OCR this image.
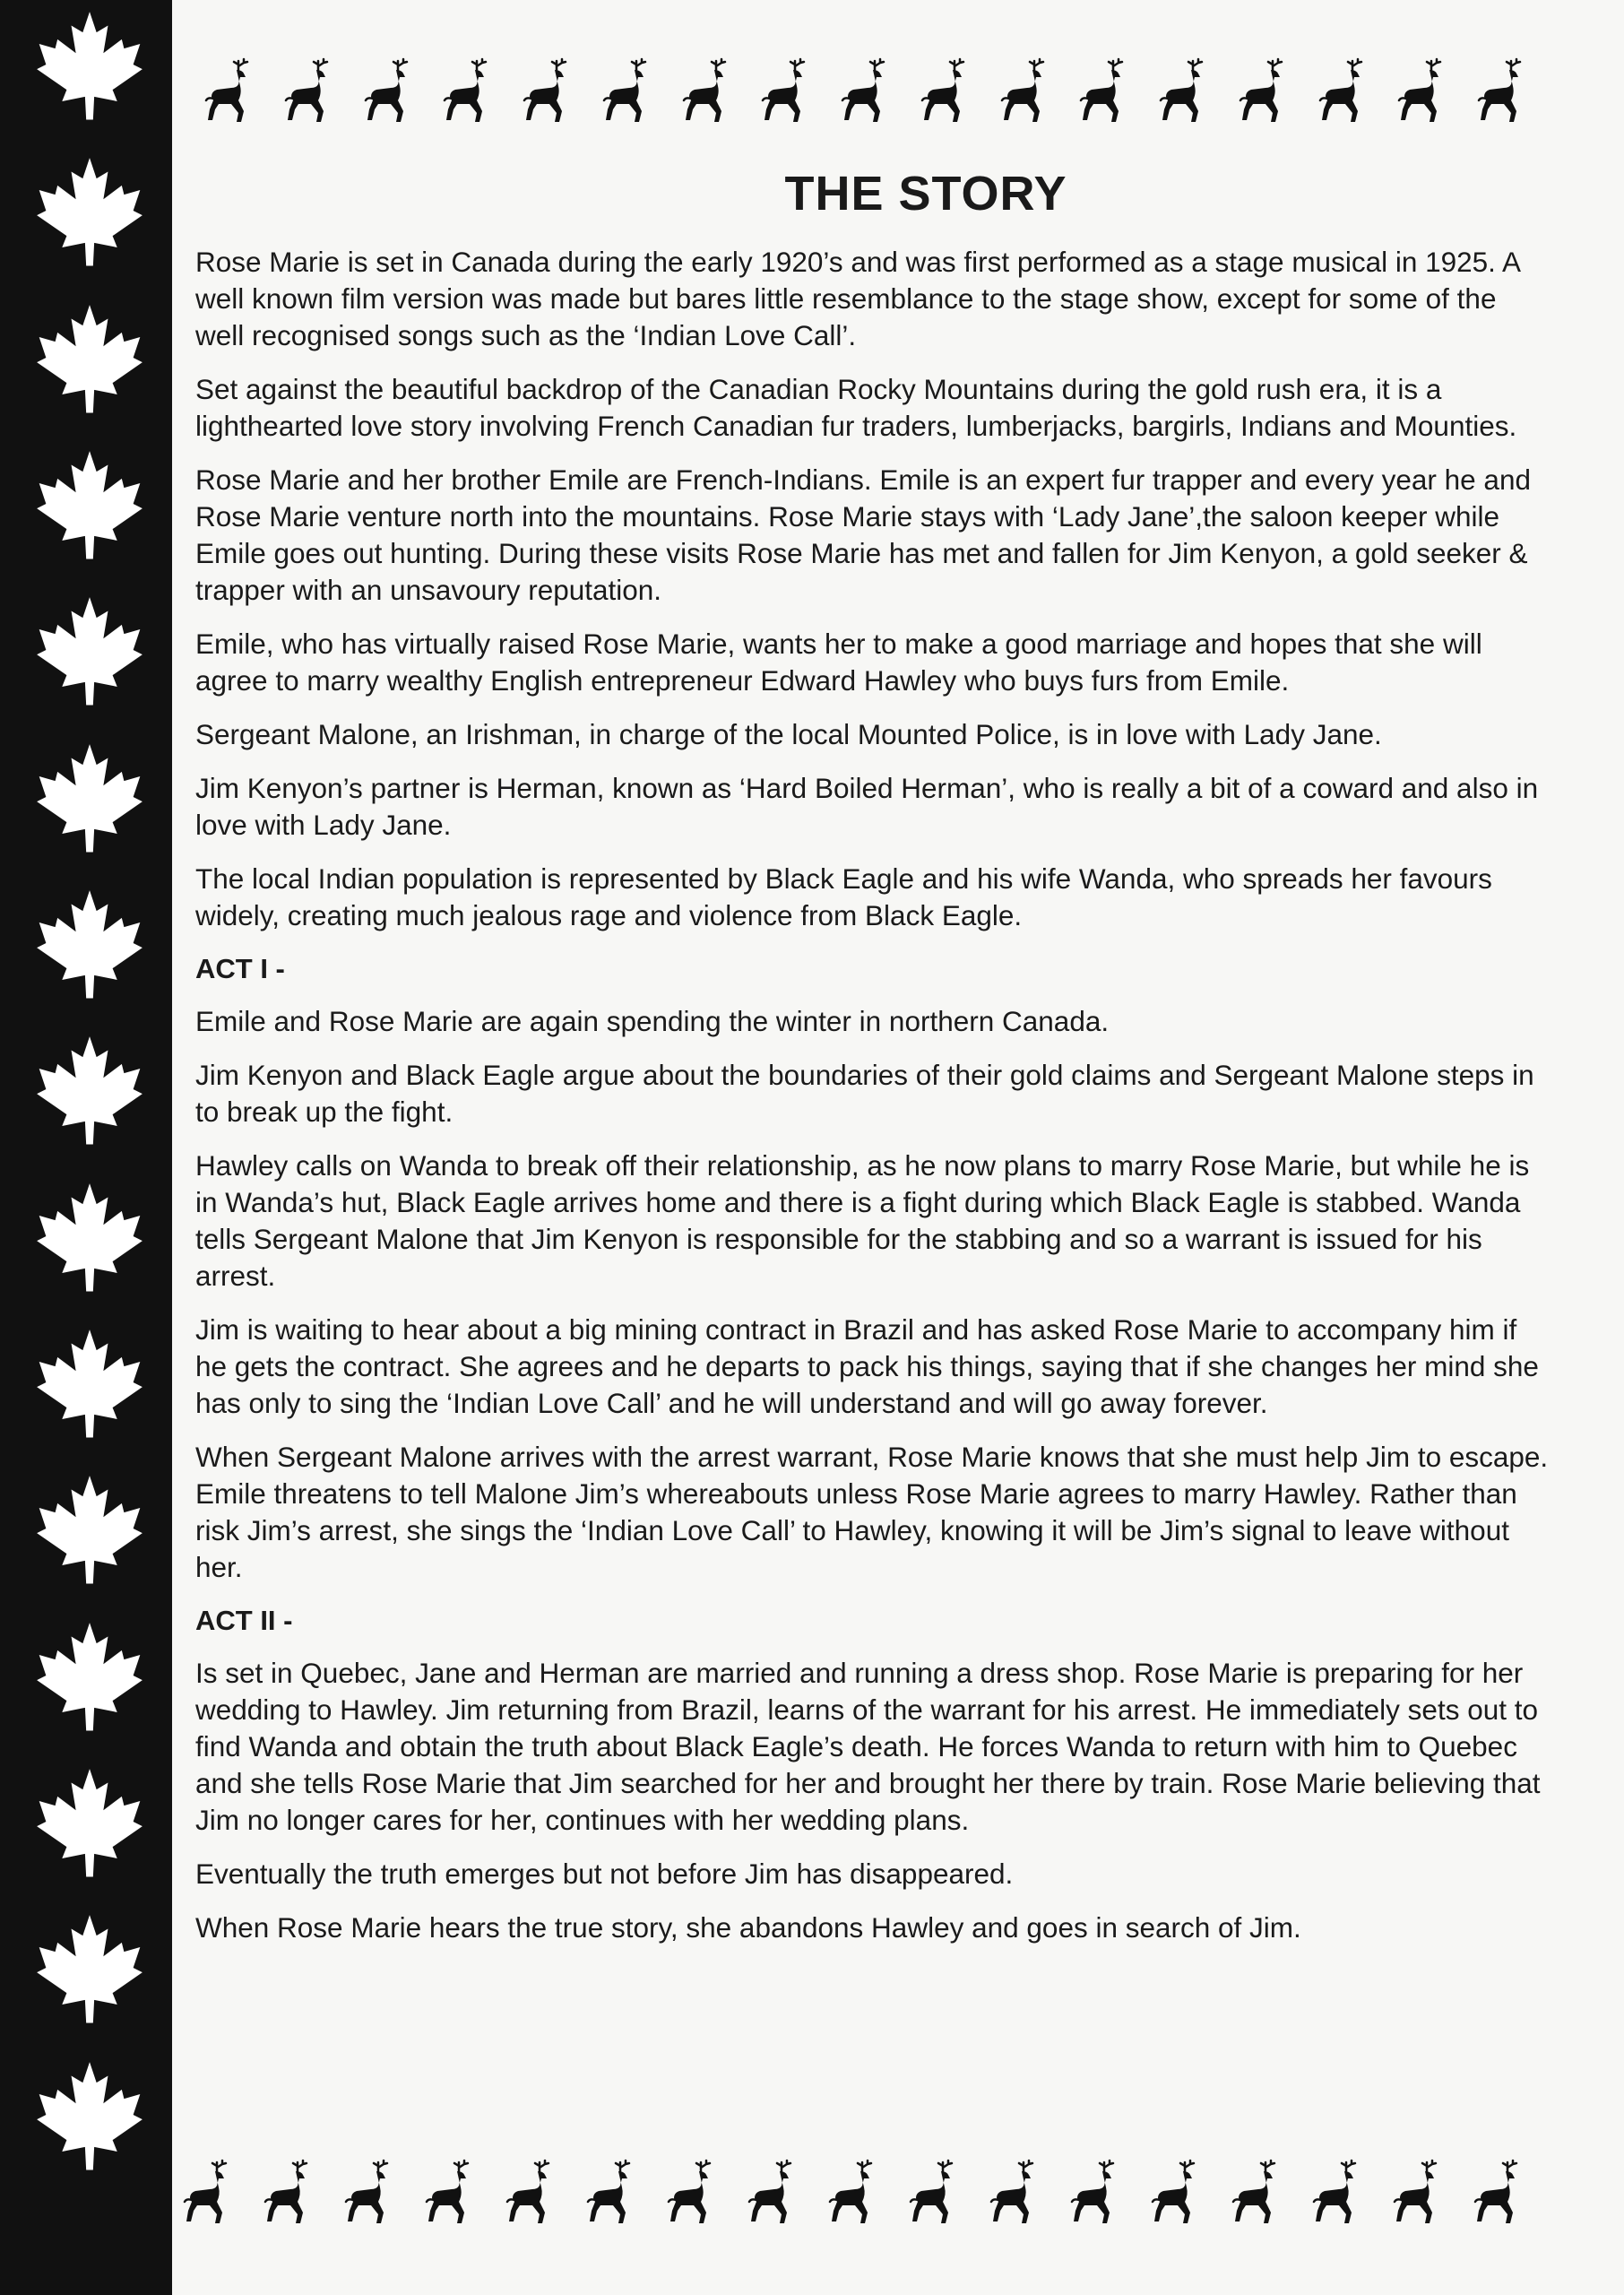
THE STORY

Rose Marie is set in Canada during the early 1920’s and was first performed as a stage musical in 1925. A well known film version was made but bares little resemblance to the stage show, except for some of the well recognised songs such as the ‘Indian Love Call’.

Set against the beautiful backdrop of the Canadian Rocky Mountains during the gold rush era, it is a lighthearted love story involving French Canadian fur traders, lumberjacks, bargirls, Indians and Mounties.

Rose Marie and her brother Emile are French-Indians. Emile is an expert fur trapper and every year he and Rose Marie venture north into the mountains. Rose Marie stays with ‘Lady Jane’,the saloon keeper while Emile goes out hunting. During these visits Rose Marie has met and fallen for Jim Kenyon, a gold seeker & trapper with an unsavoury reputation.

Emile, who has virtually raised Rose Marie, wants her to make a good marriage and hopes that she will agree to marry wealthy English entrepreneur Edward Hawley who buys furs from Emile.

Sergeant Malone, an Irishman, in charge of the local Mounted Police, is in love with Lady Jane.

Jim Kenyon’s partner is Herman, known as ‘Hard Boiled Herman’, who is really a bit of a coward and also in love with Lady Jane.

The local Indian population is represented by Black Eagle and his wife Wanda, who spreads her favours widely, creating much jealous rage and violence from Black Eagle.

ACT I -

Emile and Rose Marie are again spending the winter in northern Canada.

Jim Kenyon and Black Eagle argue about the boundaries of their gold claims and Sergeant Malone steps in to break up the fight.

Hawley calls on Wanda to break off their relationship, as he now plans to marry Rose Marie, but while he is in Wanda’s hut, Black Eagle arrives home and there is a fight during which Black Eagle is stabbed. Wanda tells Sergeant Malone that Jim Kenyon is responsible for the stabbing and so a warrant is issued for his arrest.

Jim is waiting to hear about a big mining contract in Brazil and has asked Rose Marie to accompany him if he gets the contract. She agrees and he departs to pack his things, saying that if she changes her mind she has only to sing the ‘Indian Love Call’ and he will understand and will go away forever.

When Sergeant Malone arrives with the arrest warrant, Rose Marie knows that she must help Jim to escape. Emile threatens to tell Malone Jim’s whereabouts unless Rose Marie agrees to marry Hawley. Rather than risk Jim’s arrest, she sings the ‘Indian Love Call’ to Hawley, knowing it will be Jim’s signal to leave without her.

ACT II -

Is set in Quebec, Jane and Herman are married and running a dress shop. Rose Marie is preparing for her wedding to Hawley. Jim returning from Brazil, learns of the warrant for his arrest. He immediately sets out to find Wanda and obtain the truth about Black Eagle’s death. He forces Wanda to return with him to Quebec and she tells Rose Marie that Jim searched for her and brought her there by train. Rose Marie believing that Jim no longer cares for her, continues with her wedding plans.

Eventually the truth emerges but not before Jim has disappeared.

When Rose Marie hears the true story, she abandons Hawley and goes in search of Jim.
